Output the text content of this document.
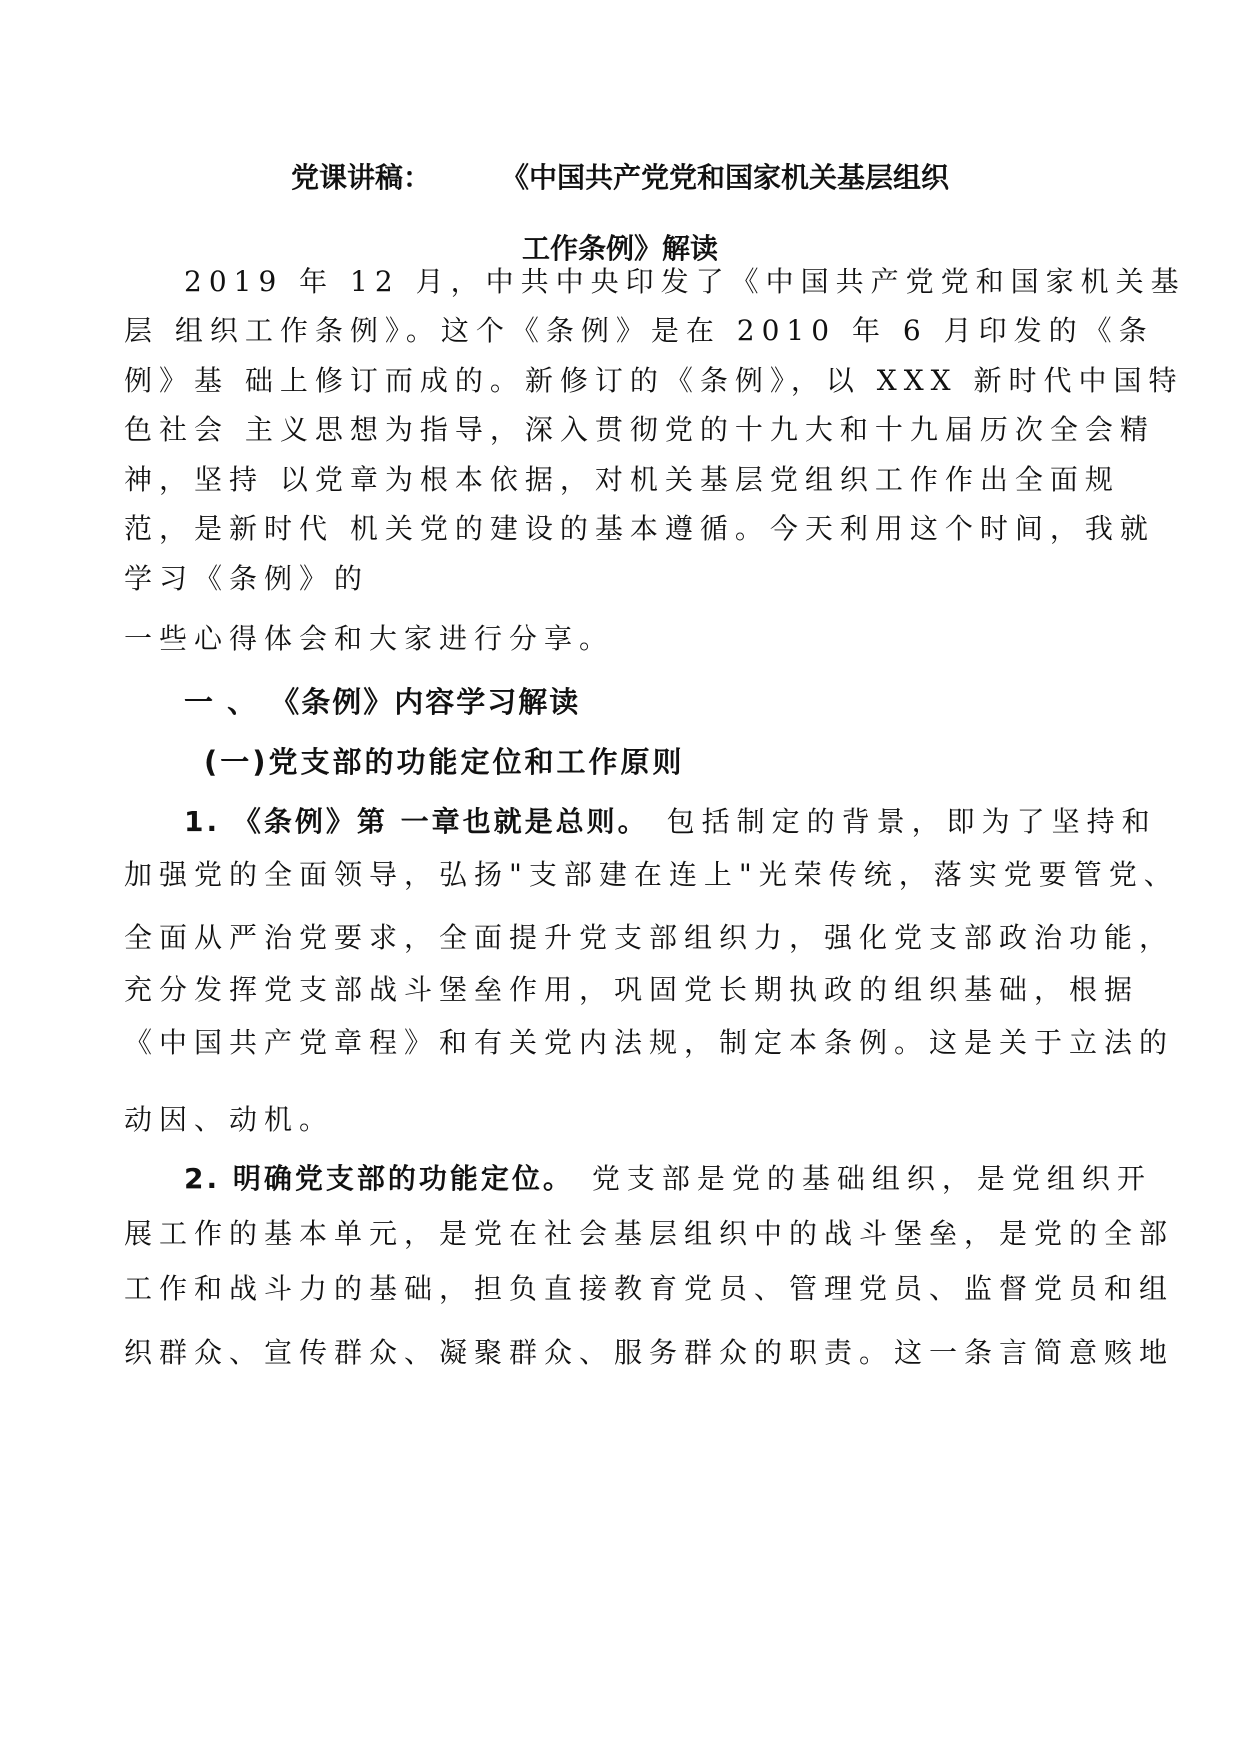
党课讲稿：	《中国共产党党和国家机关基层组织
工作条例》解读
2019 年 12 月，中共中央印发了《中国共产党党和国家机关基
层 组织工作条例》。这个《条例》是在 2010 年 6 月印发的《条
例》基 础上修订而成的。新修订的《条例》，以 XXX 新时代中国特
色社会 主义思想为指导，深入贯彻党的十九大和十九届历次全会精
神，坚持 以党章为根本依据，对机关基层党组织工作作出全面规
范，是新时代 机关党的建设的基本遵循。今天利用这个时间，我就
学习《条例》的
一些心得体会和大家进行分享。
一 、 《条例》内容学习解读
(一)党支部的功能定位和工作原则
1. 《条例》第 一章也就是总则。 包括制定的背景，即为了坚持和
加强党的全面领导，弘扬"支部建在连上"光荣传统，落实党要管党、
全面从严治党要求，全面提升党支部组织力，强化党支部政治功能，
充分发挥党支部战斗堡垒作用，巩固党长期执政的组织基础，根据
《中国共产党章程》和有关党内法规，制定本条例。这是关于立法的
动因、动机。
2. 明确党支部的功能定位。 党支部是党的基础组织，是党组织开
展工作的基本单元，是党在社会基层组织中的战斗堡垒，是党的全部
工作和战斗力的基础，担负直接教育党员、管理党员、监督党员和组
织群众、宣传群众、凝聚群众、服务群众的职责。这一条言简意赅地
